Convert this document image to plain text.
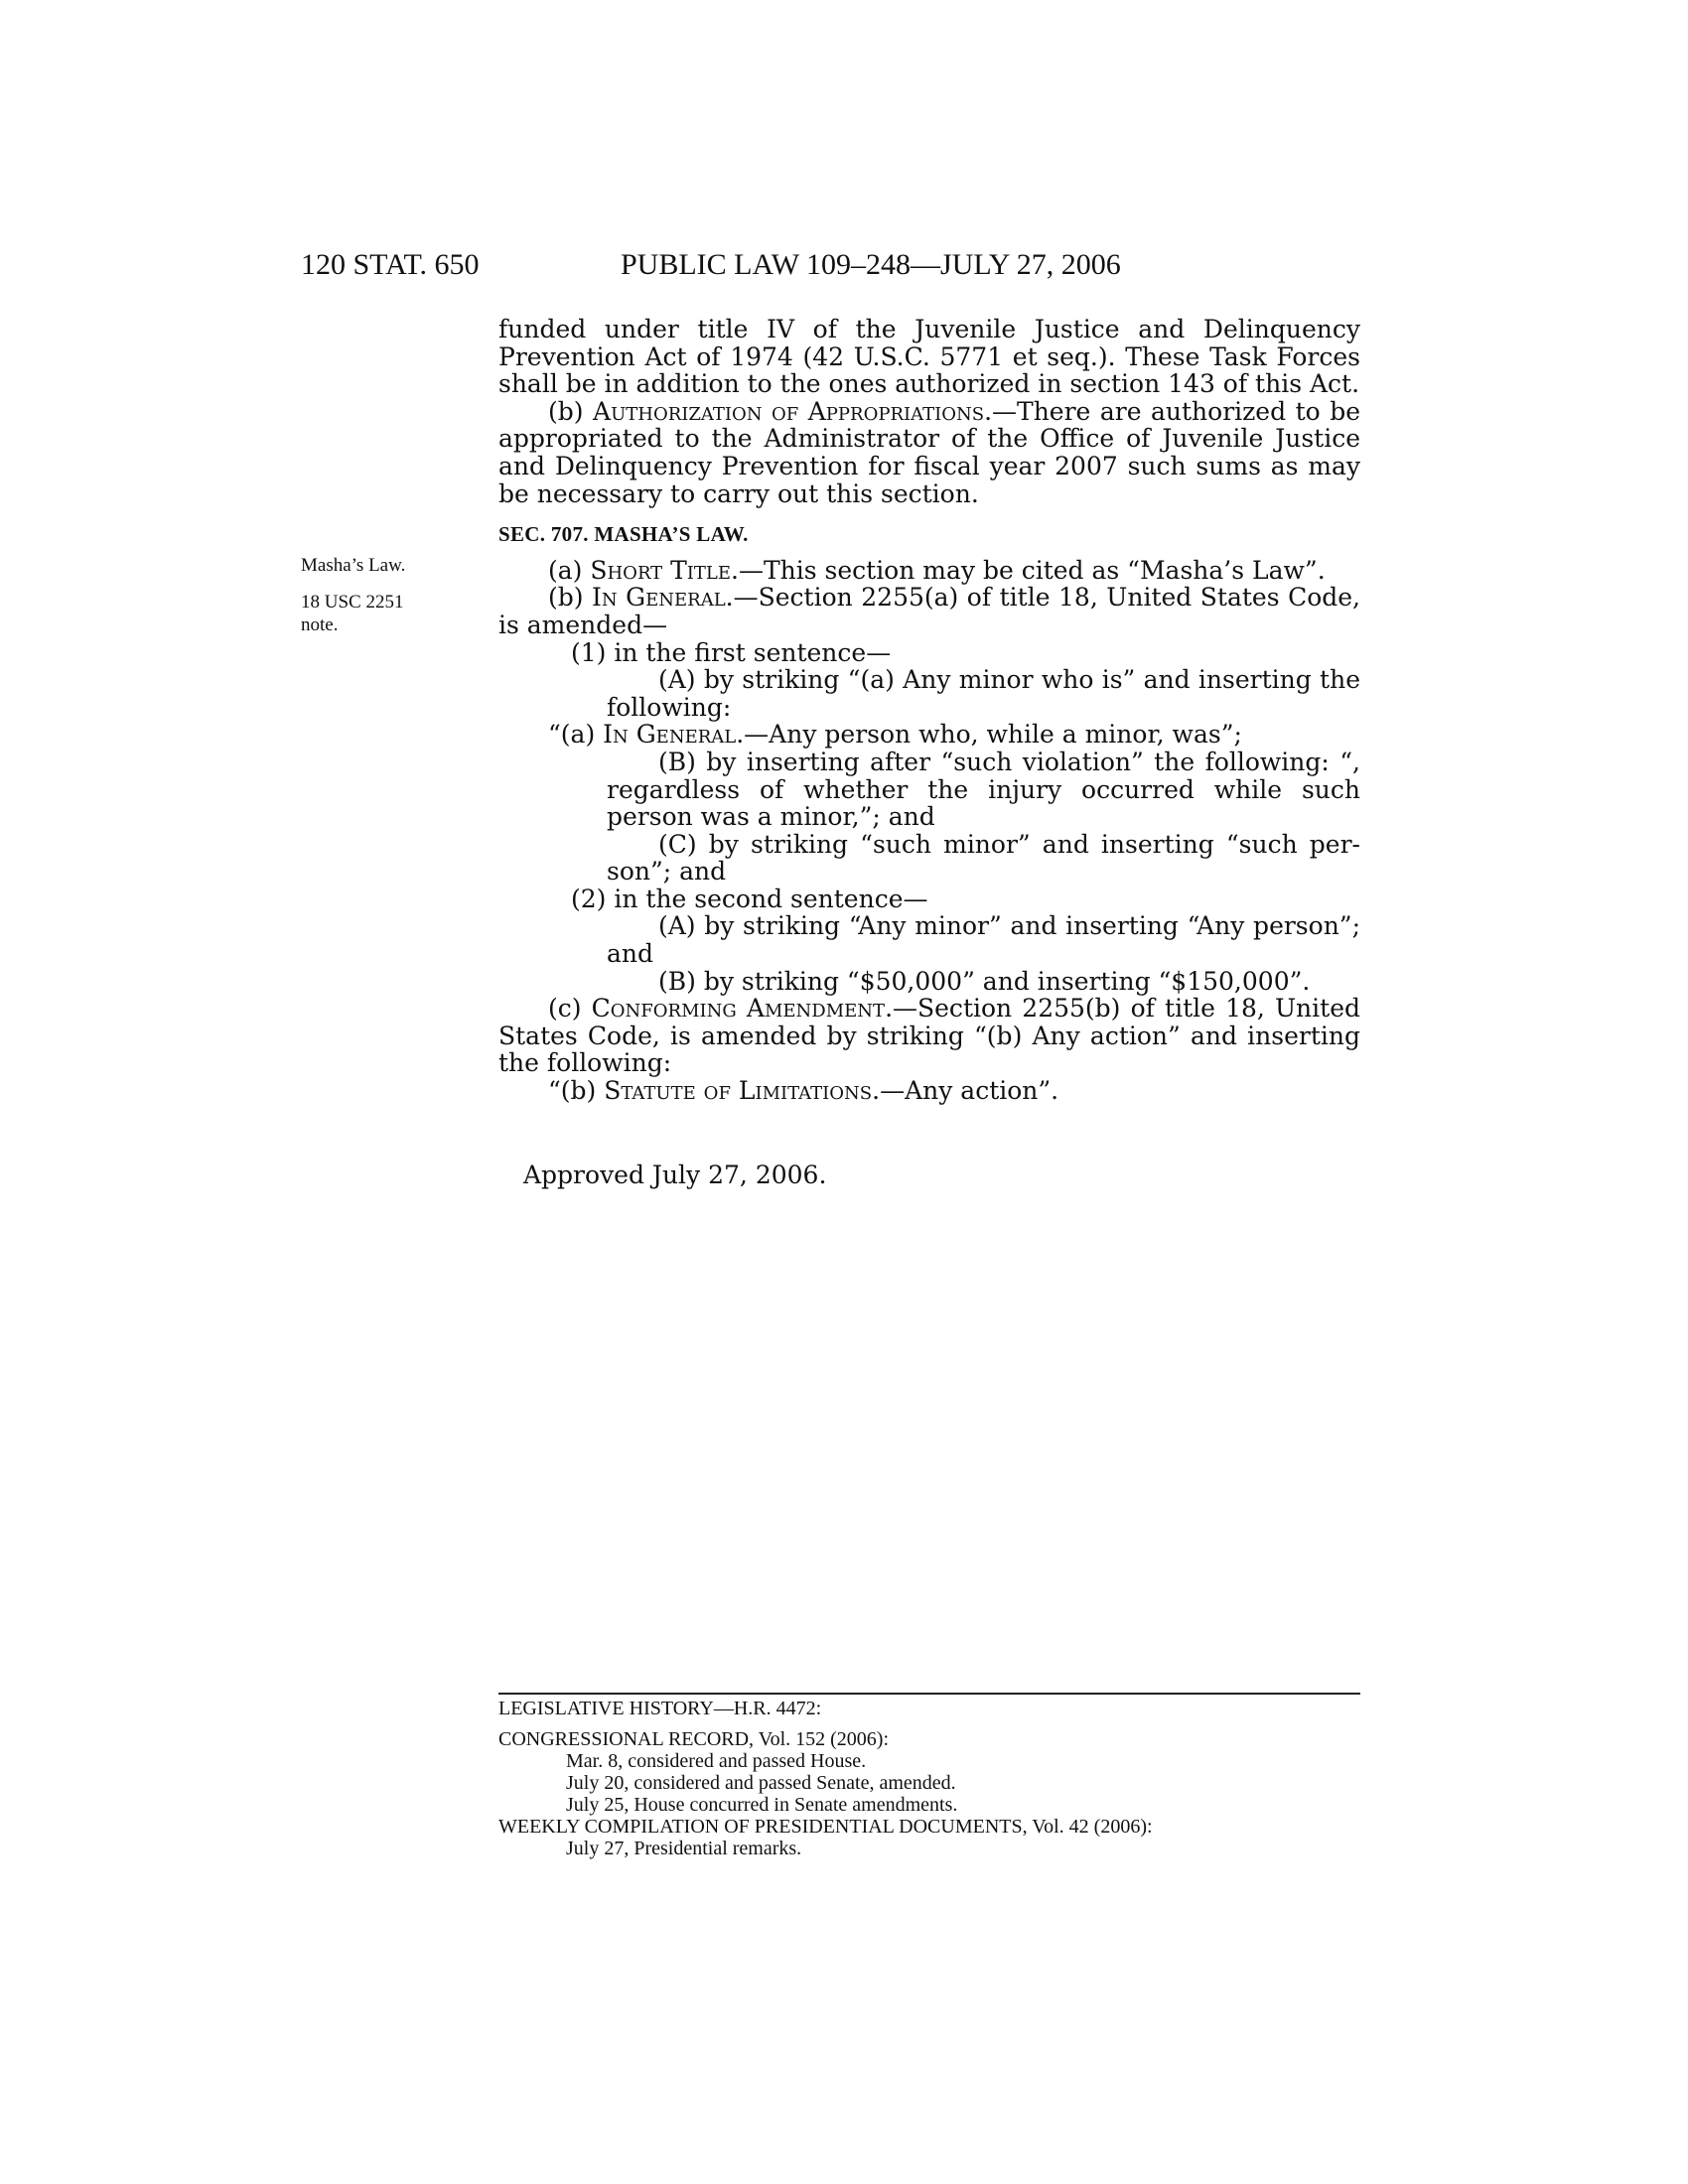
120 STAT. 650	PUBLIC LAW 109–248—JULY 27, 2006
Masha’s Law.
18 USC 2251
note.

funded under title IV of the Juvenile Justice and Delinquency Prevention Act of 1974 (42 U.S.C. 5771 et seq.). These Task Forces shall be in addition to the ones authorized in section 143 of this Act.

(b) Authorization of Appropriations.—There are authorized to be appropriated to the Administrator of the Office of Juvenile Justice and Delinquency Prevention for fiscal year 2007 such sums as may be necessary to carry out this section.

SEC. 707. MASHA’S LAW.

(a) Short Title.—This section may be cited as “Masha’s Law”.

(b) In General.—Section 2255(a) of title 18, United States Code, is amended—

(1) in the first sentence—

(A) by striking “(a) Any minor who is” and inserting the following:

“(a) In General.—Any person who, while a minor, was”;

(B) by inserting after “such violation” the following: “, regardless of whether the injury occurred while such person was a minor,”; and

(C) by striking “such minor” and inserting “such person”; and

(2) in the second sentence—

(A) by striking “Any minor” and inserting “Any person”; and

(B) by striking “$50,000” and inserting “$150,000”.

(c) Conforming Amendment.—Section 2255(b) of title 18, United States Code, is amended by striking “(b) Any action” and inserting the following:

“(b) Statute of Limitations.—Any action”.

Approved July 27, 2006.

LEGISLATIVE HISTORY—H.R. 4472:

CONGRESSIONAL RECORD, Vol. 152 (2006):

Mar. 8, considered and passed House.

July 20, considered and passed Senate, amended.

July 25, House concurred in Senate amendments.

WEEKLY COMPILATION OF PRESIDENTIAL DOCUMENTS, Vol. 42 (2006):

July 27, Presidential remarks.
